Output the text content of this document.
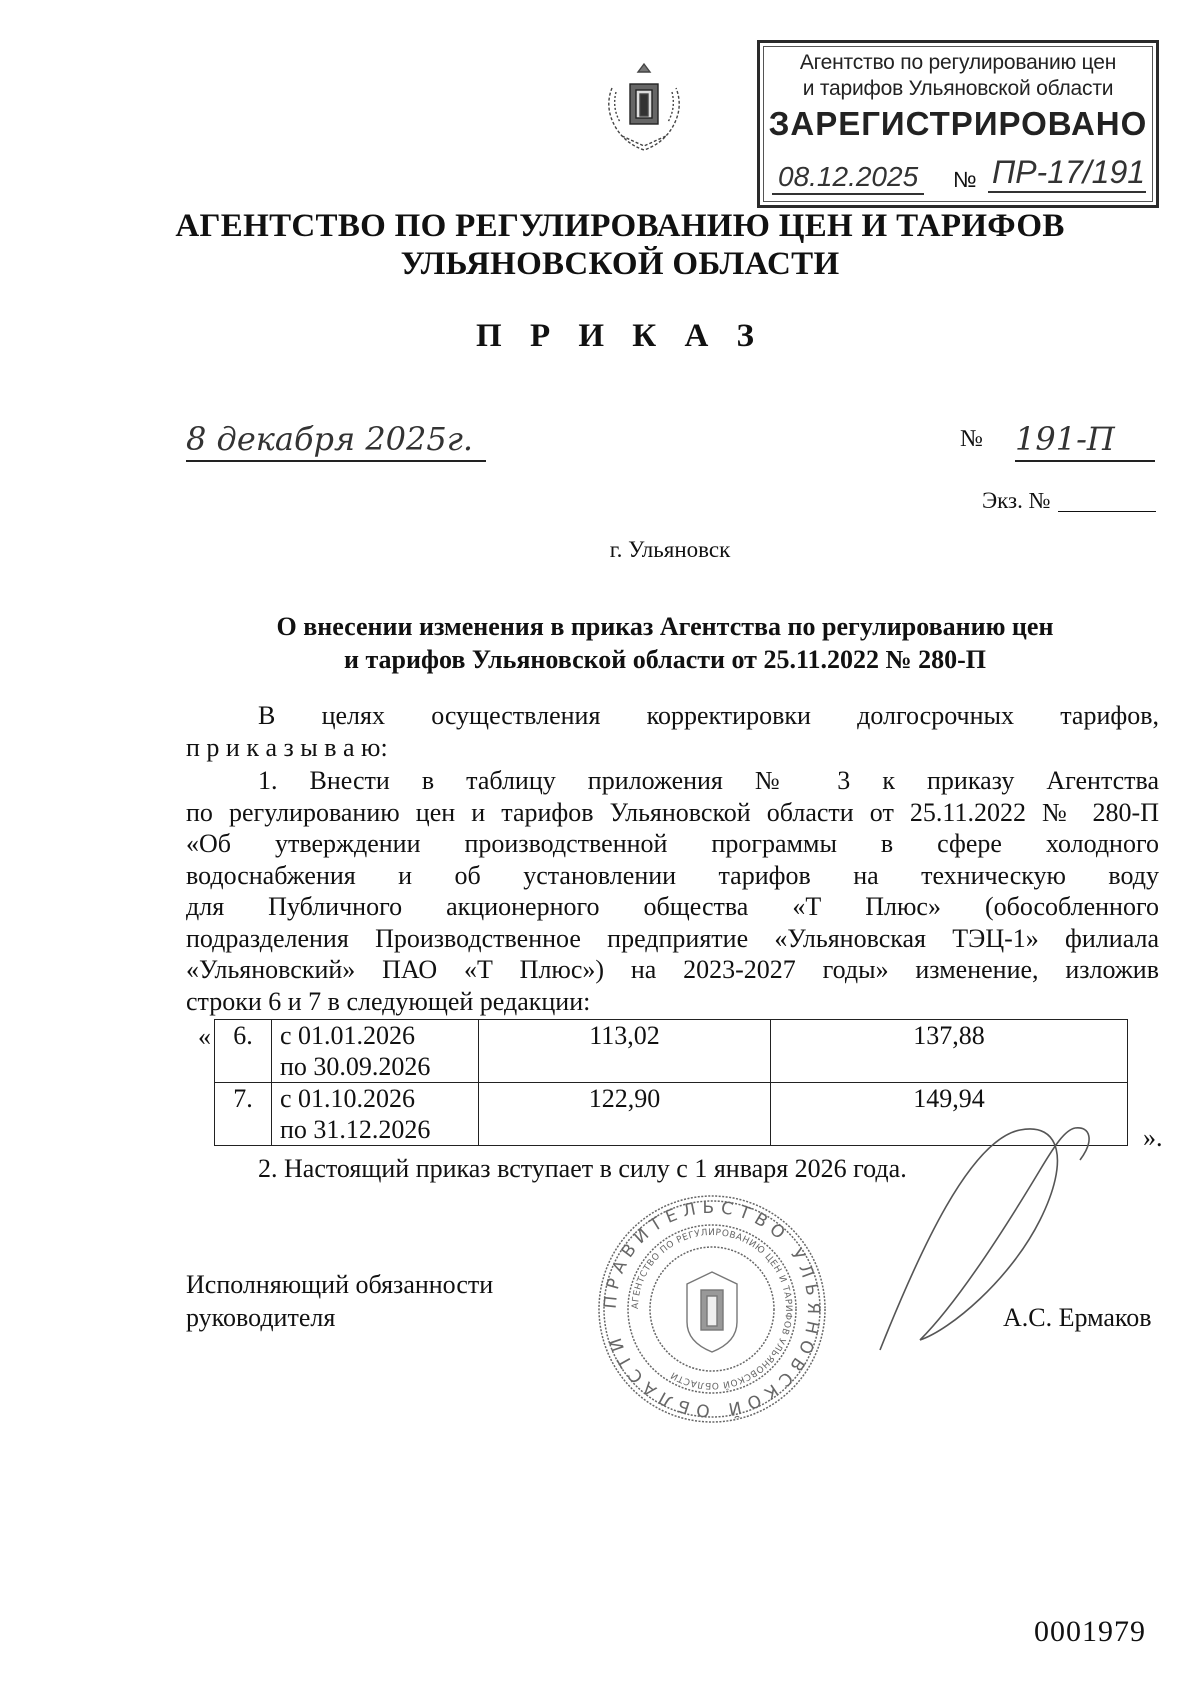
Агентство по регулированию цен
и тарифов Ульяновской области
ЗАРЕГИСТРИРОВАНО
08.12.2025 № ПР-17/191
АГЕНТСТВО ПО РЕГУЛИРОВАНИЮ ЦЕН И ТАРИФОВ
УЛЬЯНОВСКОЙ ОБЛАСТИ
П Р И К А З
8 декабря 2025г.	№ 191-П
Экз. №
г. Ульяновск
О внесении изменения в приказ Агентства по регулированию цен
и тарифов Ульяновской области от 25.11.2022 № 280-П
В целях осуществления корректировки долгосрочных тарифов,
п р и к а з ы в а ю:
1. Внести в таблицу приложения № 3 к приказу Агентства
по регулированию цен и тарифов Ульяновской области от 25.11.2022 № 280-П
«Об утверждении производственной программы в сфере холодного
водоснабжения и об установлении тарифов на техническую воду
для Публичного акционерного общества «Т Плюс» (обособленного
подразделения Производственное предприятие «Ульяновская ТЭЦ-1» филиала
«Ульяновский» ПАО «Т Плюс») на 2023-2027 годы» изменение, изложив
строки 6 и 7 в следующей редакции:
« 6.	с 01.01.2026
по 30.09.2026	113,02	137,88
7.	с 01.10.2026
по 31.12.2026	122,90	149,94
».
2. Настоящий приказ вступает в силу с 1 января 2026 года.
ПРАВИТЕЛЬСТВО УЛЬЯНОВСКОЙ ОБЛАСТИ
АГЕНТСТВО ПО РЕГУЛИРОВАНИЮ ЦЕН И ТАРИФОВ УЛЬЯНОВСКОЙ ОБЛАСТИ
Исполняющий обязанности
руководителя	А.С. Ермаков
0001979
